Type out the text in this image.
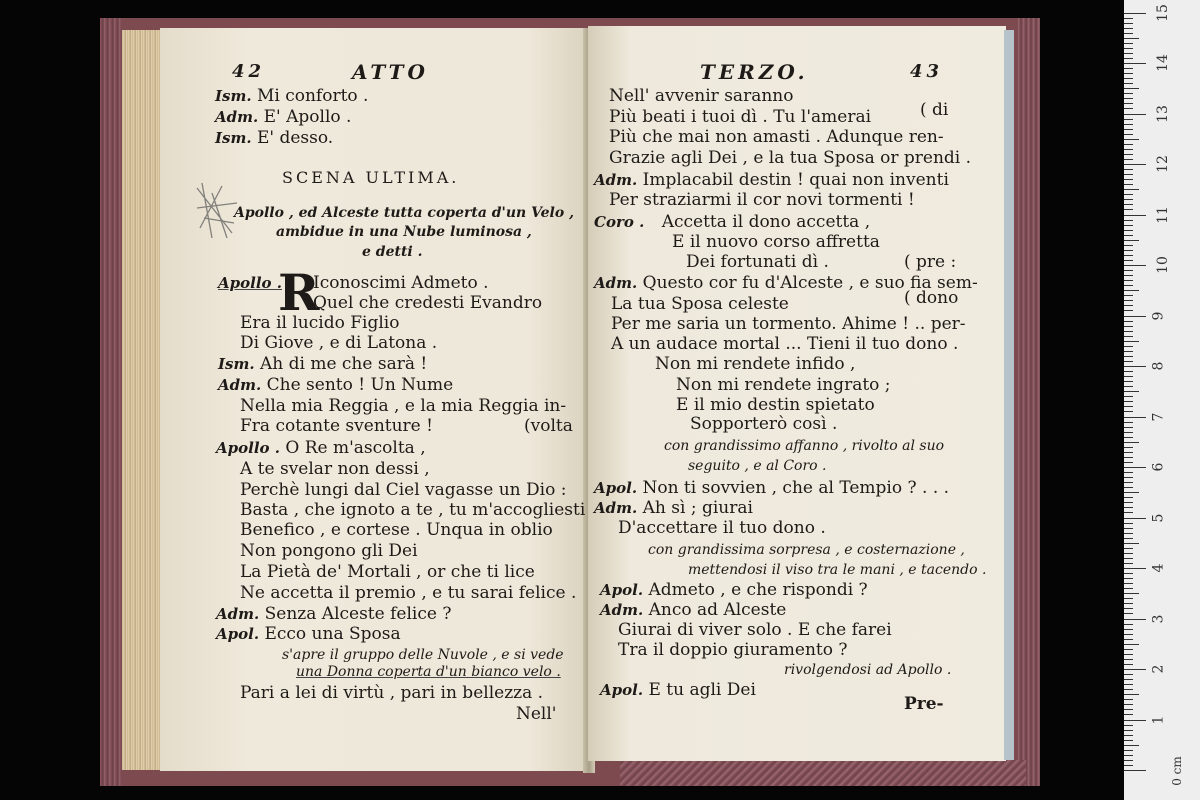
42	ATTO
Ism. Mi conforto .
Adm. E' Apollo .
Ism. E' desso.
SCENA ULTIMA.
Apollo , ed Alceste tutta coperta d'un Velo ,
ambidue in una Nube luminosa ,
e detti .
Apollo .
R
Iconoscimi Admeto .
Quel che credesti Evandro
Era il lucido Figlio
Di Giove , e di Latona .
Ism. Ah di me che sarà !
Adm. Che sento ! Un Nume
Nella mia Reggia , e la mia Reggia in-
Fra cotante sventure !	(volta
Apollo . O Re m'ascolta ,
A te svelar non dessi ,
Perchè lungi dal Ciel vagasse un Dio :
Basta , che ignoto a te , tu m'accogliesti
Benefico , e cortese . Unqua in oblio
Non pongono gli Dei
La Pietà de' Mortali , or che ti lice
Ne accetta il premio , e tu sarai felice .
Adm. Senza Alceste felice ?
Apol. Ecco una Sposa
s'apre il gruppo delle Nuvole , e si vede
una Donna coperta d'un bianco velo .
Pari a lei di virtù , pari in bellezza .
Nell'
TERZO.	43
Nell' avvenir saranno
Più beati i tuoi dì . Tu l'amerai	( di
Più che mai non amasti . Adunque ren-
Grazie agli Dei , e la tua Sposa or prendi .
Adm. Implacabil destin ! quai non inventi
Per straziarmi il cor novi tormenti !
Coro . Accetta il dono accetta ,
E il nuovo corso affretta
Dei fortunati dì .	( pre :
Adm. Questo cor fu d'Alceste , e suo fia sem-
La tua Sposa celeste	( dono
Per me saria un tormento. Ahime ! .. per-
A un audace mortal ... Tieni il tuo dono .
Non mi rendete infido ,
Non mi rendete ingrato ;
E il mio destin spietato
Sopporterò così .
con grandissimo affanno , rivolto al suo
seguito , e al Coro .
Apol. Non ti sovvien , che al Tempio ? . . .
Adm. Ah sì ; giurai
D'accettare il tuo dono .
con grandissima sorpresa , e costernazione ,
mettendosi il viso tra le mani , e tacendo .
Apol. Admeto , e che rispondi ?
Adm. Anco ad Alceste
Giurai di viver solo . E che farei
Tra il doppio giuramento ?
rivolgendosi ad Apollo .
Apol. E tu agli Dei
Pre-
0 cm
1
2
3
4
5
6
7
8
9
10
11
12
13
14
15
